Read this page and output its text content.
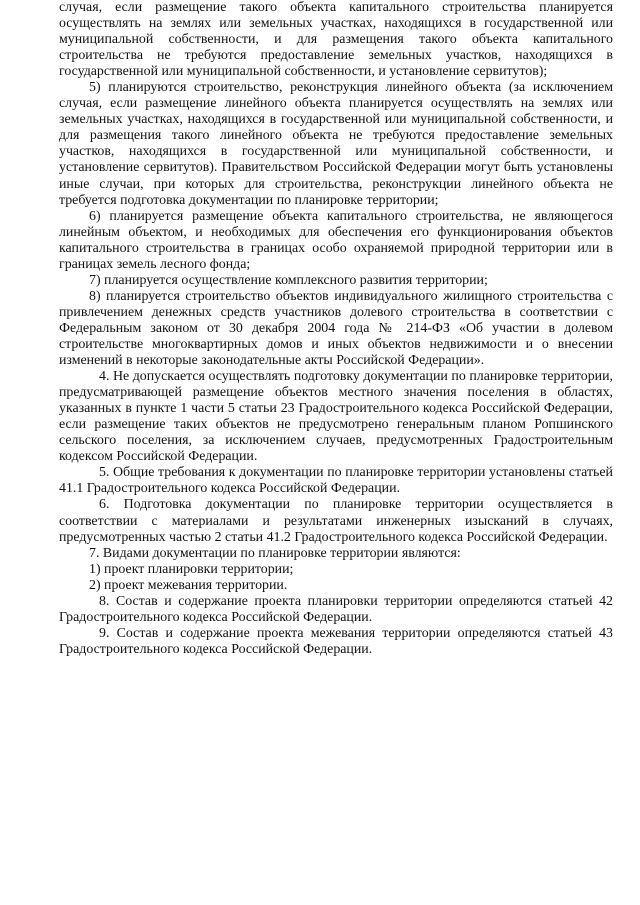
случая, если размещение такого объекта капитального строительства планируется осуществлять на землях или земельных участках, находящихся в государственной или муниципальной собственности, и для размещения такого объекта капитального строительства не требуются предоставление земельных участков, находящихся в государственной или муниципальной собственности, и установление сервитутов);

5) планируются строительство, реконструкция линейного объекта (за исключением случая, если размещение линейного объекта планируется осуществлять на землях или земельных участках, находящихся в государственной или муниципальной собственности, и для размещения такого линейного объекта не требуются предоставление земельных участков, находящихся в государственной или муниципальной собственности, и установление сервитутов). Правительством Российской Федерации могут быть установлены иные случаи, при которых для строительства, реконструкции линейного объекта не требуется подготовка документации по планировке территории;

6) планируется размещение объекта капитального строительства, не являющегося линейным объектом, и необходимых для обеспечения его функционирования объектов капитального строительства в границах особо охраняемой природной территории или в границах земель лесного фонда;

7) планируется осуществление комплексного развития территории;

8) планируется строительство объектов индивидуального жилищного строительства с привлечением денежных средств участников долевого строительства в соответствии с Федеральным законом от 30 декабря 2004 года № 214-ФЗ «Об участии в долевом строительстве многоквартирных домов и иных объектов недвижимости и о внесении изменений в некоторые законодательные акты Российской Федерации».

4. Не допускается осуществлять подготовку документации по планировке территории, предусматривающей размещение объектов местного значения поселения в областях, указанных в пункте 1 части 5 статьи 23 Градостроительного кодекса Российской Федерации, если размещение таких объектов не предусмотрено генеральным планом Ропшинского сельского поселения, за исключением случаев, предусмотренных Градостроительным кодексом Российской Федерации.

5. Общие требования к документации по планировке территории установлены статьей 41.1 Градостроительного кодекса Российской Федерации.

6. Подготовка документации по планировке территории осуществляется в соответствии с материалами и результатами инженерных изысканий в случаях, предусмотренных частью 2 статьи 41.2 Градостроительного кодекса Российской Федерации.

7. Видами документации по планировке территории являются:

1) проект планировки территории;

2) проект межевания территории.

8. Состав и содержание проекта планировки территории определяются статьей 42 Градостроительного кодекса Российской Федерации.

9. Состав и содержание проекта межевания территории определяются статьей 43 Градостроительного кодекса Российской Федерации.
